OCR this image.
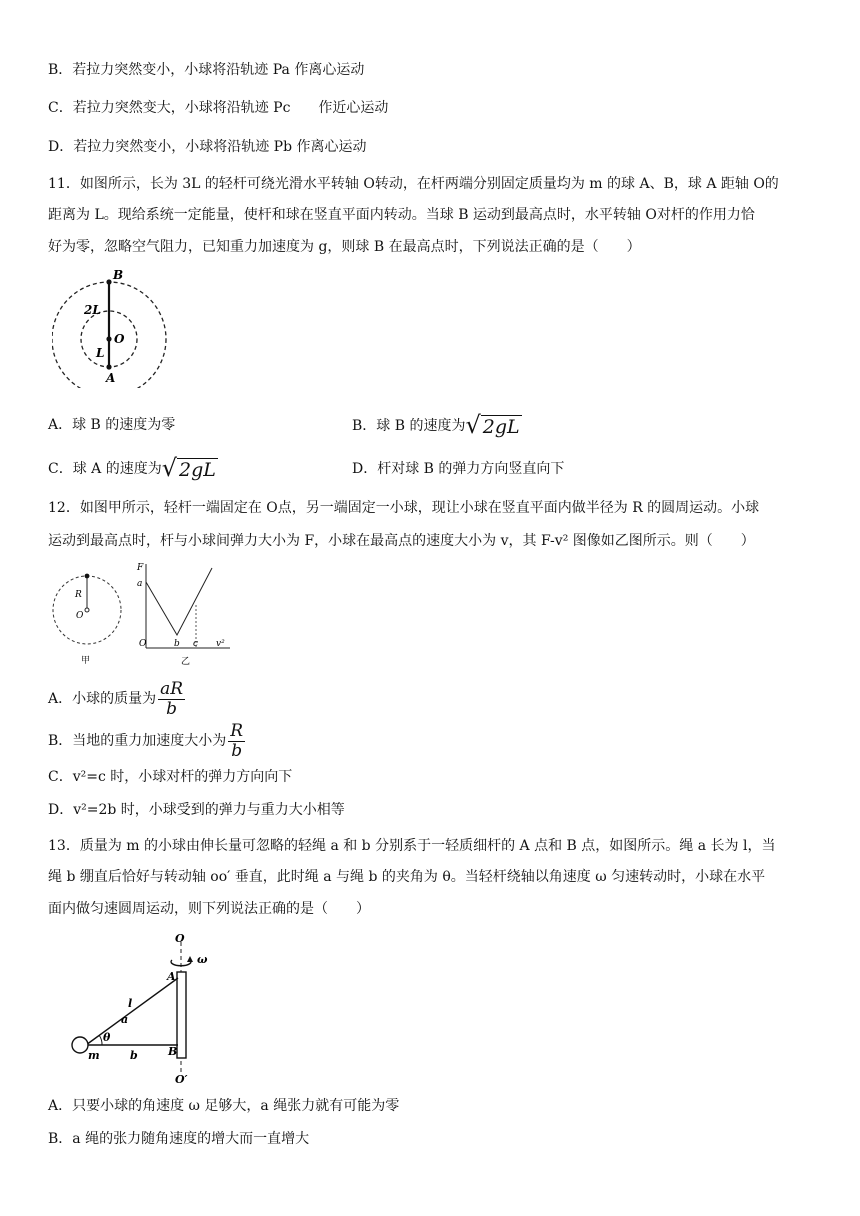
B．若拉力突然变小，小球将沿轨迹 Pa 作离心运动
C．若拉力突然变大，小球将沿轨迹 Pc　　作近心运动
D．若拉力突然变小，小球将沿轨迹 Pb 作离心运动
11．如图所示，长为 3L 的轻杆可绕光滑水平转轴 O转动，在杆两端分别固定质量均为 m 的球 A、B，球 A 距轴 O的
距离为 L。现给系统一定能量，使杆和球在竖直平面内转动。当球 B 运动到最高点时，水平转轴 O对杆的作用力恰
好为零，忽略空气阻力，已知重力加速度为 g，则球 B 在最高点时，下列说法正确的是（　　）
B
2L
O
L
A
A．球 B 的速度为零	B．球 B 的速度为√ 2gL
C．球 A 的速度为√ 2gL	D．杆对球 B 的弹力方向竖直向下
12．如图甲所示，轻杆一端固定在 O点，另一端固定一小球，现让小球在竖直平面内做半径为 R 的圆周运动。小球
运动到最高点时，杆与小球间弹力大小为 F，小球在最高点的速度大小为 v，其 F-v² 图像如乙图所示。则（　　）
R
O
甲
F
a
O	b c v²
乙
A．小球的质量为 $\frac{aR}{b}$
B．当地的重力加速度大小为 $\frac{R}{b}$
C．v²=c 时，小球对杆的弹力方向向下
D．v²=2b 时，小球受到的弹力与重力大小相等
13．质量为 m 的小球由伸长量可忽略的轻绳 a 和 b 分别系于一轻质细杆的 A 点和 B 点，如图所示。绳 a 长为 l，当
绳 b 绷直后恰好与转动轴 oo′ 垂直，此时绳 a 与绳 b 的夹角为 θ。当轻杆绕轴以角速度 ω 匀速转动时，小球在水平
面内做匀速圆周运动，则下列说法正确的是（　　）
O
ω
A
l
a
θ
m	b	B
O′
A．只要小球的角速度 ω 足够大，a 绳张力就有可能为零
B．a 绳的张力随角速度的增大而一直增大
